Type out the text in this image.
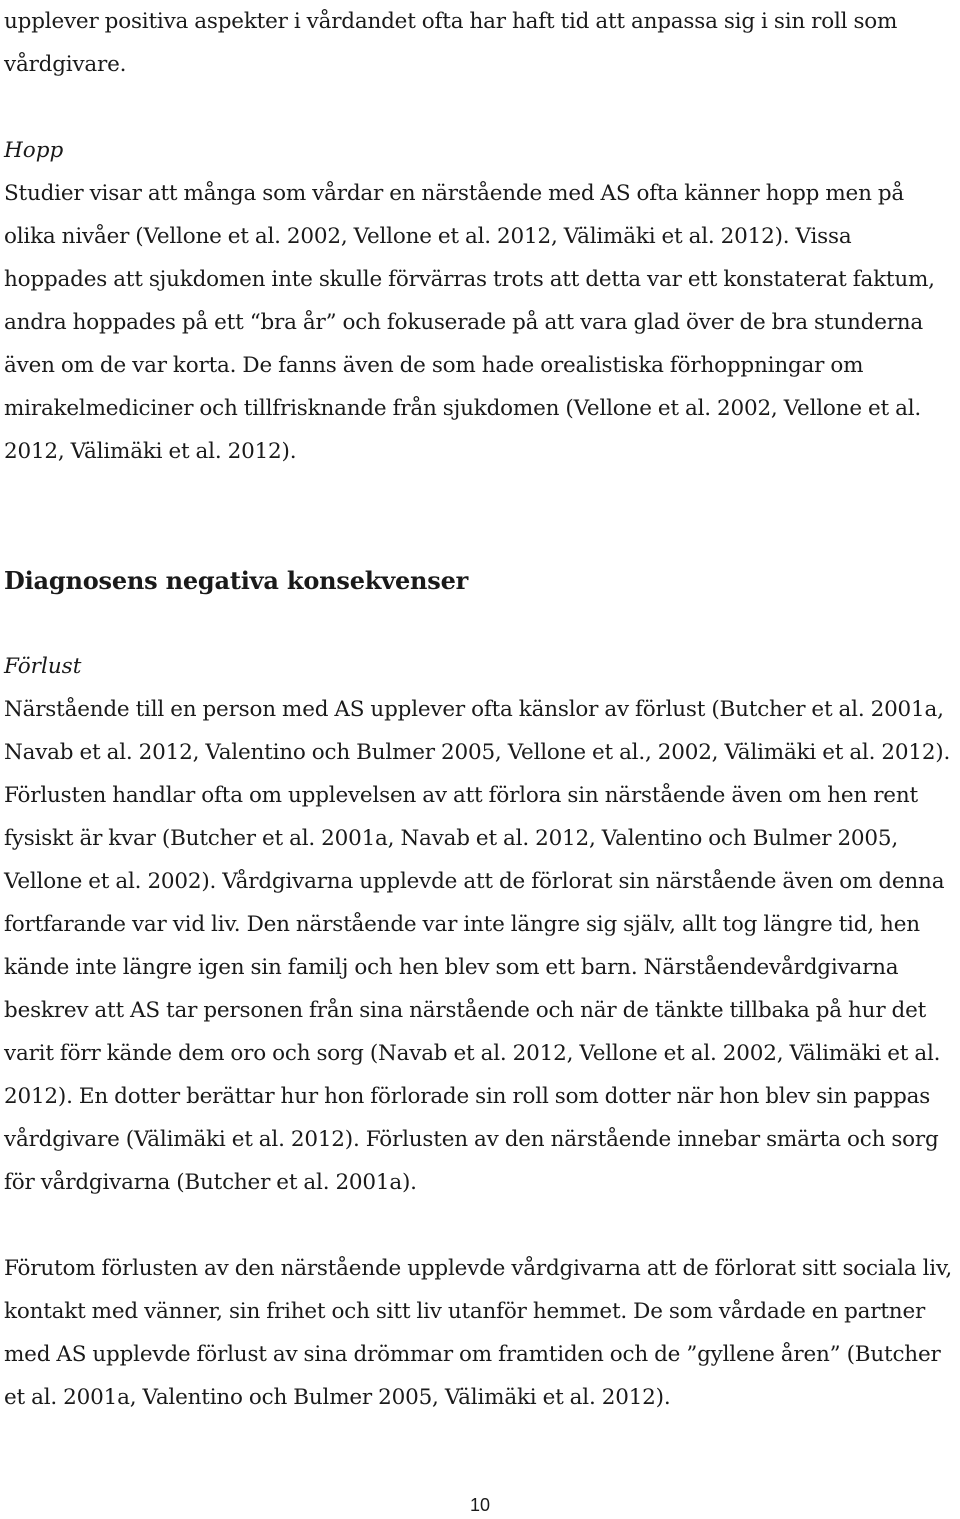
upplever positiva aspekter i vårdandet ofta har haft tid att anpassa sig i sin roll som vårdgivare.

Hopp

Studier visar att många som vårdar en närstående med AS ofta känner hopp men på olika nivåer (Vellone et al. 2002, Vellone et al. 2012, Välimäki et al. 2012). Vissa hoppades att sjukdomen inte skulle förvärras trots att detta var ett konstaterat faktum, andra hoppades på ett “bra år” och fokuserade på att vara glad över de bra stunderna även om de var korta. De fanns även de som hade orealistiska förhoppningar om mirakelmediciner och tillfrisknande från sjukdomen (Vellone et al. 2002, Vellone et al. 2012, Välimäki et al. 2012).

Diagnosens negativa konsekvenser

Förlust

Närstående till en person med AS upplever ofta känslor av förlust (Butcher et al. 2001a, Navab et al. 2012, Valentino och Bulmer 2005, Vellone et al., 2002, Välimäki et al. 2012). Förlusten handlar ofta om upplevelsen av att förlora sin närstående även om hen rent fysiskt är kvar (Butcher et al. 2001a, Navab et al. 2012, Valentino och Bulmer 2005, Vellone et al. 2002). Vårdgivarna upplevde att de förlorat sin närstående även om denna fortfarande var vid liv. Den närstående var inte längre sig själv, allt tog längre tid, hen kände inte längre igen sin familj och hen blev som ett barn. Närståendevårdgivarna beskrev att AS tar personen från sina närstående och när de tänkte tillbaka på hur det varit förr kände dem oro och sorg (Navab et al. 2012, Vellone et al. 2002, Välimäki et al. 2012). En dotter berättar hur hon förlorade sin roll som dotter när hon blev sin pappas vårdgivare (Välimäki et al. 2012). Förlusten av den närstående innebar smärta och sorg för vårdgivarna (Butcher et al. 2001a).

Förutom förlusten av den närstående upplevde vårdgivarna att de förlorat sitt sociala liv, kontakt med vänner, sin frihet och sitt liv utanför hemmet. De som vårdade en partner med AS upplevde förlust av sina drömmar om framtiden och de ”gyllene åren” (Butcher et al. 2001a, Valentino och Bulmer 2005, Välimäki et al. 2012).

10
